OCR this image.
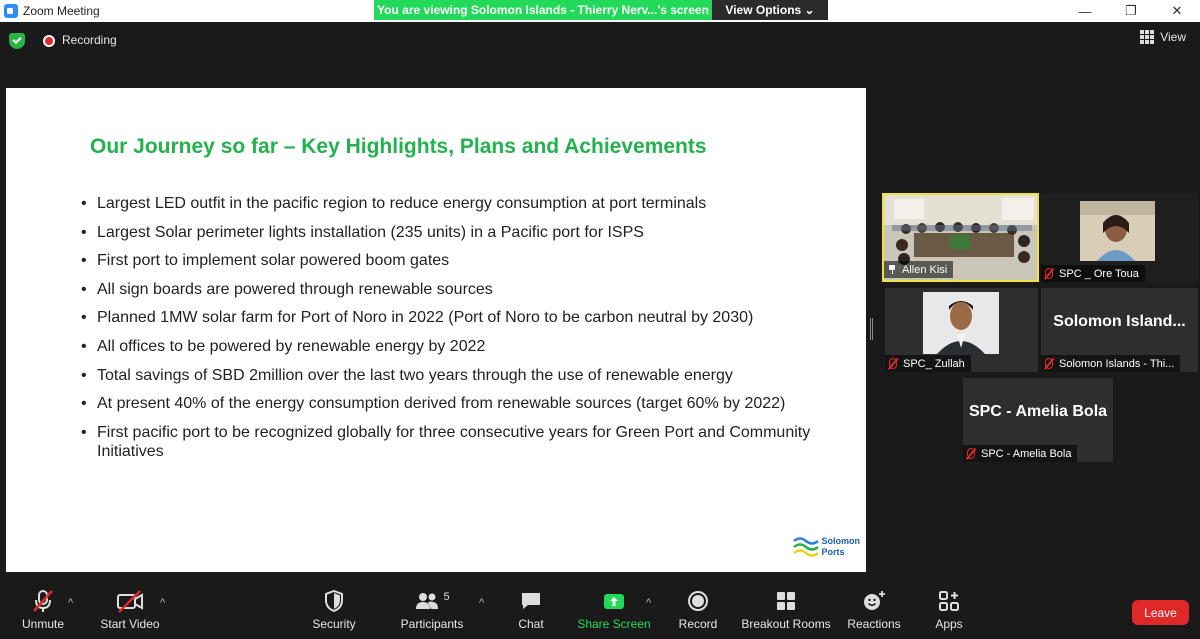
Zoom Meeting	You are viewing Solomon Islands - Thierry Nerv...'s screen	View Options ⌄	—	❐	✕
Recording	View
Our Journey so far – Key Highlights, Plans and Achievements
• Largest LED outfit in the pacific region to reduce energy consumption at port terminals
• Largest Solar perimeter lights installation (235 units) in a Pacific port for ISPS
• First port to implement solar powered boom gates
• All sign boards are powered through renewable sources
• Planned 1MW solar farm for Port of Noro in 2022 (Port of Noro to be carbon neutral by 2030)
• All offices to be powered by renewable energy by 2022
• Total savings of SBD 2million over the last two years through the use of renewable energy
• At present 40% of the energy consumption derived from renewable sources (target 60% by 2022)
• First pacific port to be recognized globally for three consecutive years for Green Port and Community Initiatives
Solomon
Ports
Allen Kisi	SPC _ Ore Toua
SPC_ Zullah
Solomon Island...
Solomon Islands - Thi...
SPC - Amelia Bola
SPC - Amelia Bola
Unmute
^
Start Video
^
Security
5
Participants
^
Chat	Share Screen
^
Record Breakout Rooms Reactions	Apps
Leave
